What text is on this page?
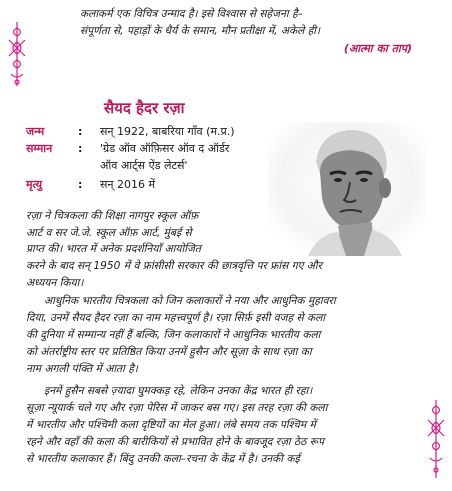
कलाकर्म एक विचित्र उन्माद है। इसे विश्वास से सहेजना है–
संपूर्णता से, पहाड़ों के धैर्य के समान, मौन प्रतीक्षा में, अकेले ही।
(आत्मा का ताप)
सैयद हैदर रज़ा
जन्म	: सन् 1922, बाबरिया गाँव (म.प्र.)
सम्मान : 'ग्रेड ऑव ऑफ़िसर ऑव द ऑर्डर
ऑव आर्ट्स ऐंड लेटर्स'
मृत्यु	: सन् 2016 में
रज़ा ने चित्रकला की शिक्षा नागपुर स्कूल ऑफ़
आर्ट व सर जे.जे. स्कूल ऑफ़ आर्ट, मुंबई से
प्राप्त की। भारत में अनेक प्रदर्शनियाँ आयोजित
करने के बाद सन् 1950 में वे फ्रांसीसी सरकार की छात्रवृत्ति पर फ्रांस गए और
अध्ययन किया।
आधुनिक भारतीय चित्रकला को जिन कलाकारों ने नया और आधुनिक मुहावरा
दिया, उनमें सैयद हैदर रज़ा का नाम महत्त्वपूर्ण है। रज़ा सिर्फ़ इसी वजह से कला
की दुनिया में सम्मान्य नहीं हैं बल्कि, जिन कलाकारों ने आधुनिक भारतीय कला
को अंतर्राष्ट्रीय स्तर पर प्रतिष्ठित किया उनमें हुसैन और सूज़ा के साथ रज़ा का
नाम अगली पंक्ति में आता है।
इनमें हुसैन सबसे ज़्यादा घुमक्कड़ रहे, लेकिन उनका केंद्र भारत ही रहा।
सूज़ा न्यूयार्क चले गए और रज़ा पेरिस में जाकर बस गए। इस तरह रज़ा की कला
में भारतीय और पश्चिमी कला दृष्टियों का मेल हुआ। लंबे समय तक पश्चिम में
रहने और वहाँ की कला की बारीकियों से प्रभावित होने के बावजूद रज़ा ठेठ रूप
से भारतीय कलाकार हैं। बिंदु उनकी कला–रचना के केंद्र में है। उनकी कई
